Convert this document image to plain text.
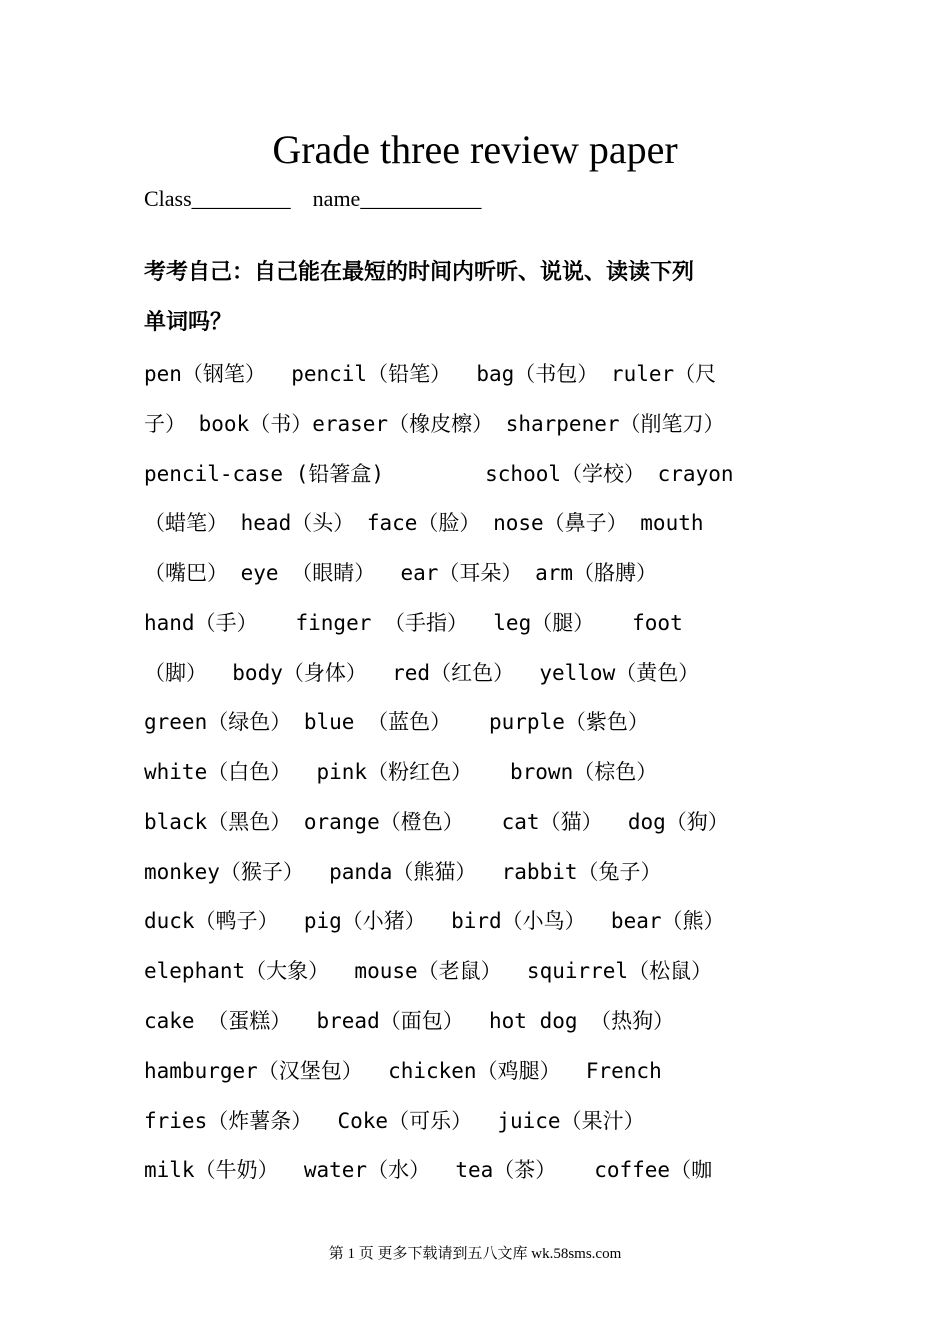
Grade three review paper
Class_________    name___________
考考自己：自己能在最短的时间内听听、说说、读读下列
单词吗？
pen（钢笔）  pencil（铅笔）  bag（书包） ruler（尺
子） book（书）eraser（橡皮檫） sharpener（削笔刀）
pencil-case (铅箸盒)        school（学校） crayon
（蜡笔） head（头） face（脸） nose（鼻子） mouth
（嘴巴） eye （眼睛）  ear（耳朵） arm（胳膊）
hand（手）   finger （手指）  leg（腿）   foot
（脚）  body（身体）  red（红色）  yellow（黄色）
green（绿色） blue （蓝色）   purple（紫色）
white（白色）  pink（粉红色）   brown（棕色）
black（黑色） orange（橙色）   cat（猫）  dog（狗）
monkey（猴子）  panda（熊猫）  rabbit（兔子）
duck（鸭子）  pig（小猪）  bird（小鸟）  bear（熊）
elephant（大象）  mouse（老鼠）  squirrel（松鼠）
cake （蛋糕）  bread（面包）  hot dog （热狗）
hamburger（汉堡包）  chicken（鸡腿）  French
fries（炸薯条）  Coke（可乐）  juice（果汁）
milk（牛奶）  water（水）  tea（茶）   coffee（咖
第 1 页 更多下载请到五八文库 wk.58sms.com
